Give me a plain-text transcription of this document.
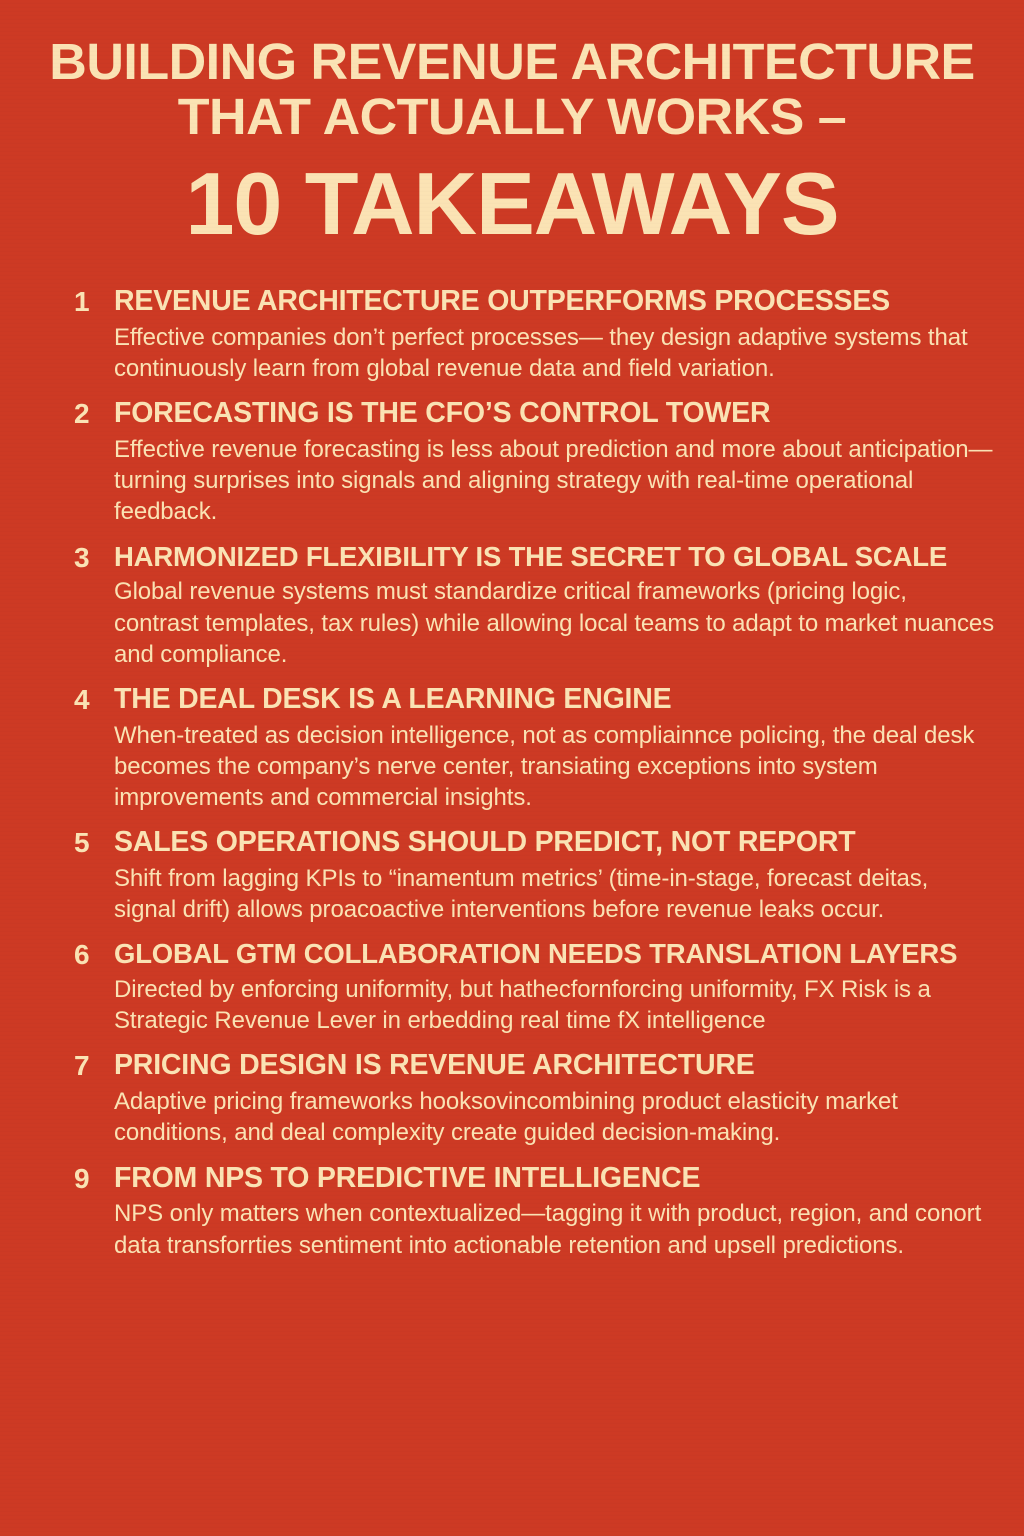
BUILDING REVENUE ARCHITECTURE
THAT ACTUALLY WORKS –
10 TAKEAWAYS
1 REVENUE ARCHITECTURE OUTPERFORMS PROCESSES
Effective companies don’t perfect processes— they design adaptive systems that continuously learn from global revenue data and field variation.
2 FORECASTING IS THE CFO’S CONTROL TOWER
Effective revenue forecasting is less about prediction and more about anticipation—turning surprises into signals and aligning strategy with real-time operational feedback.
3 HARMONIZED FLEXIBILITY IS THE SECRET TO GLOBAL SCALE
Global revenue systems must standardize critical frameworks (pricing logic, contrast templates, tax rules) while allowing local teams to adapt to market nuances and compliance.
4 THE DEAL DESK IS A LEARNING ENGINE
When-treated as decision intelligence, not as compliainnce policing, the deal desk becomes the company’s nerve center, transiating exceptions into system improvements and commercial insights.
5 SALES OPERATIONS SHOULD PREDICT, NOT REPORT
Shift from lagging KPIs to “inamentum metrics’ (time-in-stage, forecast deitas, signal drift) allows proacoactive interventions before revenue leaks occur.
6 GLOBAL GTM COLLABORATION NEEDS TRANSLATION LAYERS
Directed by enforcing uniformity, but hathecfornforcing uniformity, FX Risk is a Strategic Revenue Lever in erbedding real time fX intelligence
7 PRICING DESIGN IS REVENUE ARCHITECTURE
Adaptive pricing frameworks hooksovincombining product elasticity market conditions, and deal complexity create guided decision-making.
9 FROM NPS TO PREDICTIVE INTELLIGENCE
NPS only matters when contextualized—tagging it with product, region, and conort data transforrties sentiment into actionable retention and upsell predictions.
